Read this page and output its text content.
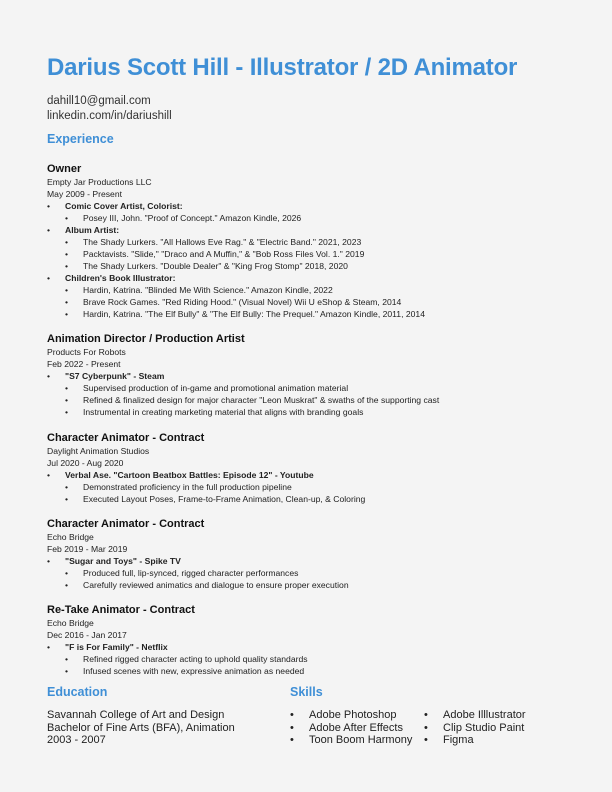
Darius Scott Hill - Illustrator / 2D Animator
dahill10@gmail.com
linkedin.com/in/dariushill
Experience
Owner
Empty Jar Productions LLC
May 2009 - Present
• Comic Cover Artist, Colorist:
• Posey III, John. "Proof of Concept." Amazon Kindle, 2026
• Album Artist:
• The Shady Lurkers. "All Hallows Eve Rag." & "Electric Band." 2021, 2023
• Packtavists. "Slide," "Draco and A Muffin," & "Bob Ross Files Vol. 1." 2019
• The Shady Lurkers. "Double Dealer" & "King Frog Stomp" 2018, 2020
• Children's Book Illustrator:
• Hardin, Katrina. "Blinded Me With Science." Amazon Kindle, 2022
• Brave Rock Games. "Red Riding Hood." (Visual Novel) Wii U eShop & Steam, 2014
• Hardin, Katrina. "The Elf Bully" & "The Elf Bully: The Prequel." Amazon Kindle, 2011, 2014
Animation Director / Production Artist
Products For Robots
Feb 2022 - Present
• "S7 Cyberpunk" - Steam
• Supervised production of in-game and promotional animation material
• Refined & finalized design for major character "Leon Muskrat" & swaths of the supporting cast
• Instrumental in creating marketing material that aligns with branding goals
Character Animator - Contract
Daylight Animation Studios
Jul 2020 - Aug 2020
• Verbal Ase. "Cartoon Beatbox Battles: Episode 12" - Youtube
• Demonstrated proficiency in the full production pipeline
• Executed Layout Poses, Frame-to-Frame Animation, Clean-up, & Coloring
Character Animator - Contract
Echo Bridge
Feb 2019 - Mar 2019
• "Sugar and Toys" - Spike TV
• Produced full, lip-synced, rigged character performances
• Carefully reviewed animatics and dialogue to ensure proper execution
Re-Take Animator - Contract
Echo Bridge
Dec 2016 - Jan 2017
• "F is For Family" - Netflix
• Refined rigged character acting to uphold quality standards
• Infused scenes with new, expressive animation as needed
Education
Savannah College of Art and Design
Bachelor of Fine Arts (BFA), Animation
2003 - 2007
Skills
• Adobe Photoshop
• Adobe After Effects
• Toon Boom Harmony
• Adobe Illlustrator
• Clip Studio Paint
• Figma
